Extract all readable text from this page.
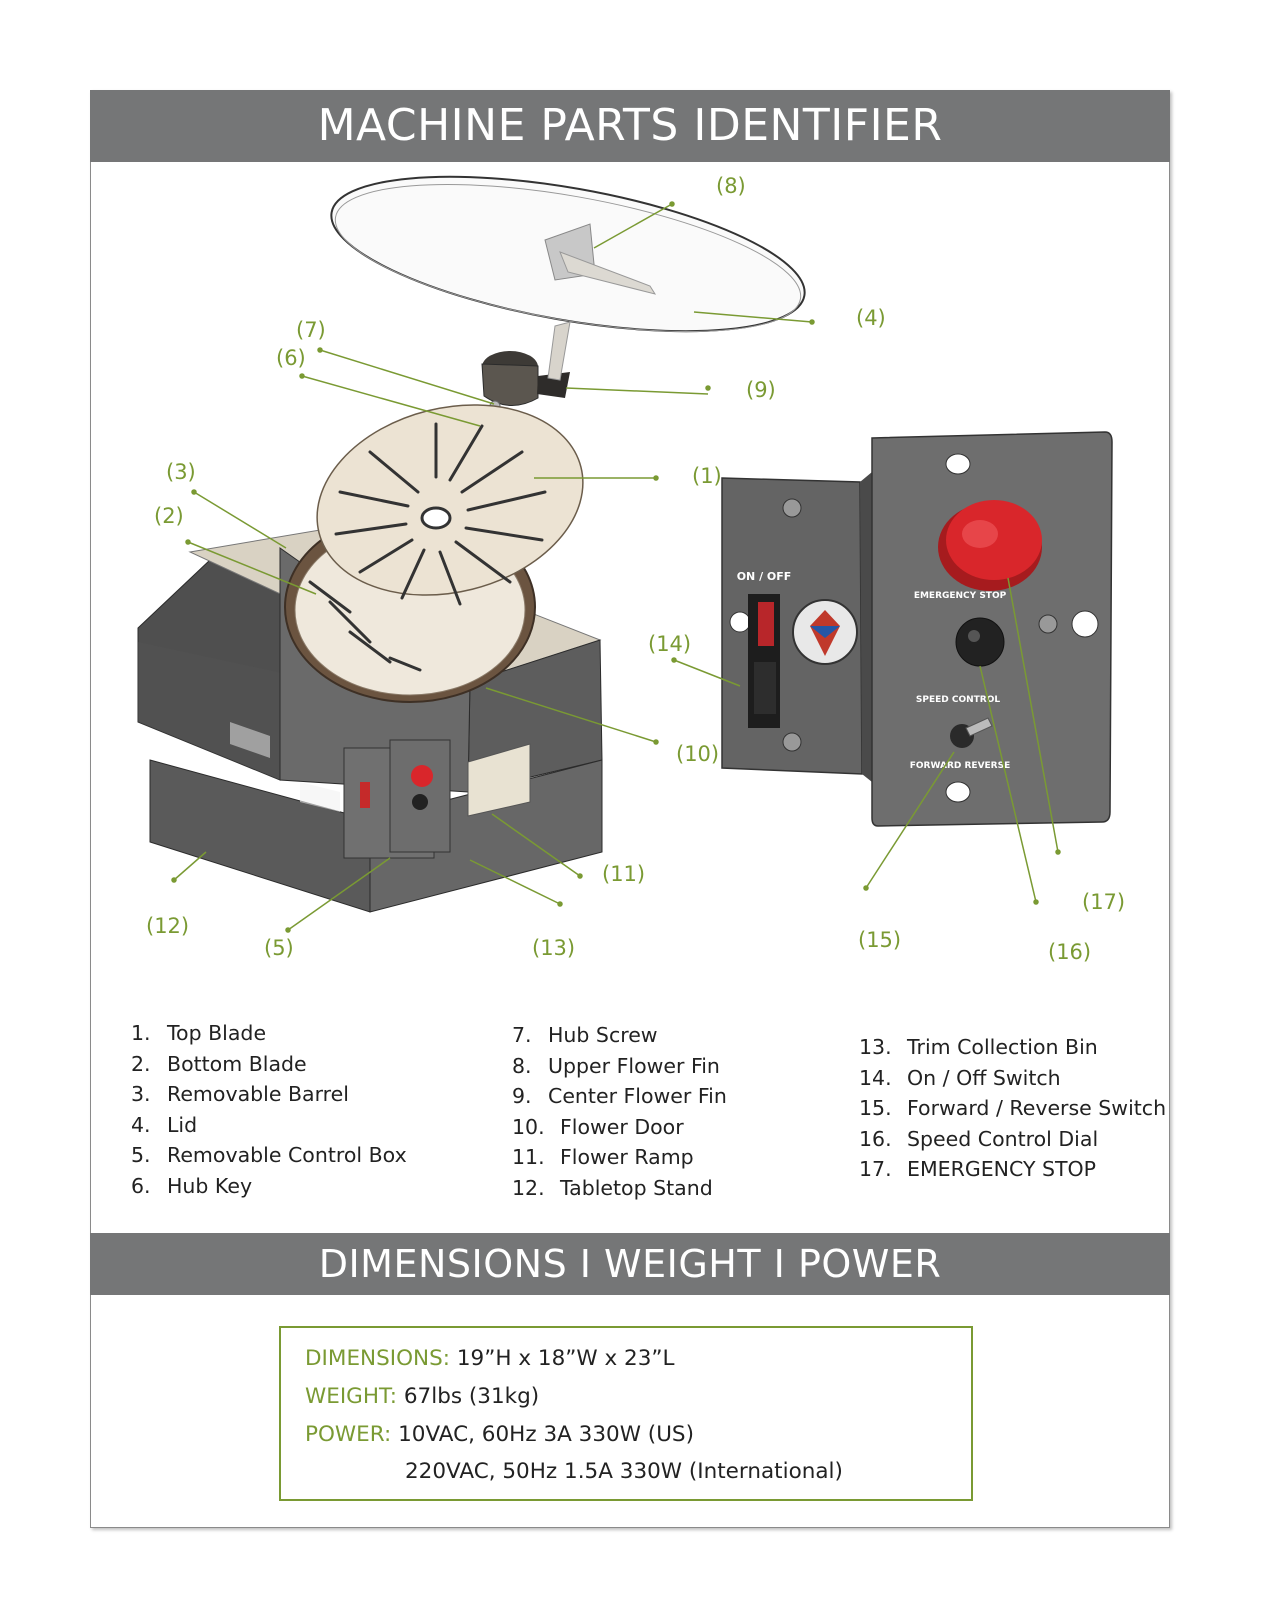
MACHINE PARTS IDENTIFIER
ON / OFF
EMERGENCY STOP
SPEED CONTROL
FORWARD REVERSE
(1)
(2)
(3)
(4)
(5)
(6)
(7)
(8)
(9)
(10)
(11)
(12)
(13)
(14)
(15)	(16)
(17)
1. Top Blade
2. Bottom Blade
3. Removable Barrel
4. Lid
5. Removable Control Box
6. Hub Key
7. Hub Screw
8. Upper Flower Fin
9. Center Flower Fin
10. Flower Door
11. Flower Ramp
12. Tabletop Stand
13. Trim Collection Bin
14. On / Off Switch
15. Forward / Reverse Switch
16. Speed Control Dial
17. EMERGENCY STOP
DIMENSIONS I WEIGHT I POWER
DIMENSIONS: 19”H x 18”W x 23”L
WEIGHT: 67lbs (31kg)
POWER: 10VAC, 60Hz 3A 330W (US)
220VAC, 50Hz 1.5A 330W (International)
